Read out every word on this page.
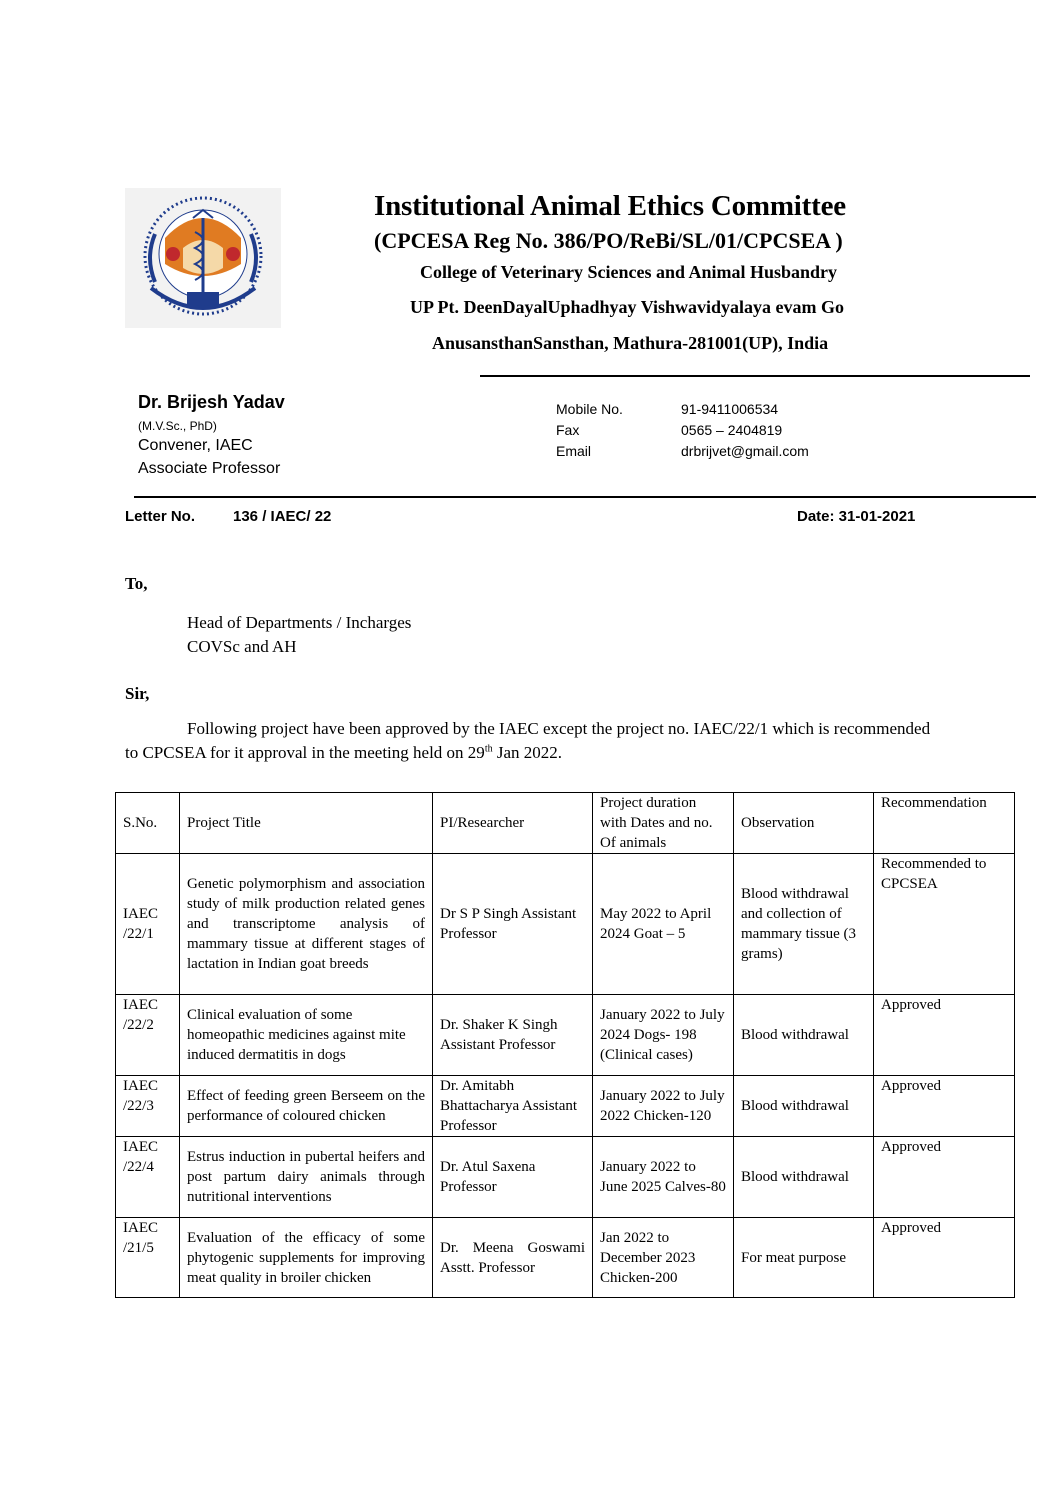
Institutional Animal Ethics Committee
(CPCESA Reg No. 386/PO/ReBi/SL/01/CPCSEA )
College of Veterinary Sciences and Animal Husbandry
UP Pt. DeenDayalUphadhyay Vishwavidyalaya evam Go
AnusansthanSansthan, Mathura-281001(UP), India
Dr. Brijesh Yadav
(M.V.Sc., PhD)
Convener, IAEC
Associate Professor
Mobile No.	91-9411006534
Fax	0565 – 2404819
Email	drbrijvet@gmail.com
Letter No.	136 / IAEC/ 22	Date: 31-01-2021
To,
Head of Departments / Incharges
COVSc and AH
Sir,
Following project have been approved by the IAEC except the project no. IAEC/22/1 which is recommended to CPCSEA for it approval in the meeting held on 29th Jan 2022.
S.No.	Project Title	PI/Researcher	Project duration with Dates and no. Of animals	Observation	Recommendation
IAEC /22/1	Genetic polymorphism and association study of milk production related genes and transcriptome analysis of mammary tissue at different stages of lactation in Indian goat breeds	Dr S P Singh Assistant Professor	May 2022 to April 2024 Goat – 5	Blood withdrawal and collection of mammary tissue (3 grams)	Recommended to CPCSEA
IAEC /22/2	Clinical evaluation of some homeopathic medicines against mite induced dermatitis in dogs	Dr. Shaker K Singh Assistant Professor	January 2022 to July 2024 Dogs- 198 (Clinical cases)	Blood withdrawal	Approved
IAEC /22/3	Effect of feeding green Berseem on the performance of coloured chicken	Dr. Amitabh Bhattacharya Assistant Professor	January 2022 to July 2022 Chicken-120	Blood withdrawal	Approved
IAEC /22/4	Estrus induction in pubertal heifers and post partum dairy animals through nutritional interventions	Dr. Atul Saxena Professor	January 2022 to June 2025 Calves-80	Blood withdrawal	Approved
IAEC /21/5	Evaluation of the efficacy of some phytogenic supplements for improving meat quality in broiler chicken	Dr. Meena Goswami Asstt. Professor	Jan 2022 to December 2023 Chicken-200	For meat purpose	Approved
